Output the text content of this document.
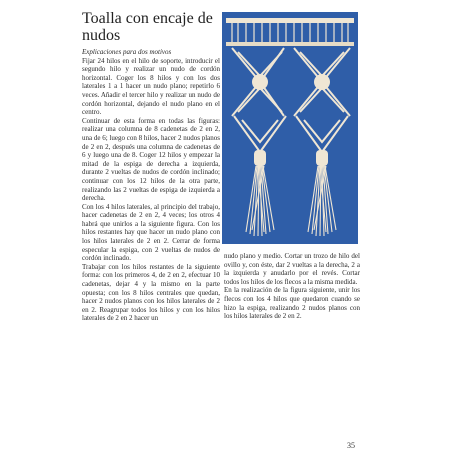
Toalla con encaje de nudos

Explicaciones para dos motivos

Fijar 24 hilos en el hilo de soporte, introducir el segundo hilo y realizar un nudo de cordón horizontal. Coger los 8 hilos y con los dos laterales 1 a 1 hacer un nudo plano; repetirlo 6 veces. Añadir el tercer hilo y realizar un nudo de cordón horizontal, dejando el nudo plano en el centro.

Continuar de esta forma en todas las figuras: realizar una columna de 8 cadenetas de 2 en 2, una de 6; luego con 8 hilos, hacer 2 nudos planos de 2 en 2, después una columna de cadenetas de 6 y luego una de 8. Coger 12 hilos y empezar la mitad de la espiga de derecha a izquierda, durante 2 vueltas de nudos de cordón inclinado; continuar con los 12 hilos de la otra parte, realizando las 2 vueltas de espiga de izquierda a derecha.

Con los 4 hilos laterales, al principio del trabajo, hacer cadenetas de 2 en 2, 4 veces; los otros 4 habrá que unirlos a la siguiente figura. Con los hilos restantes hay que hacer un nudo plano con los hilos laterales de 2 en 2. Cerrar de forma especular la espiga, con 2 vueltas de nudos de cordón inclinado.

Trabajar con los hilos restantes de la siguiente forma: con los primeros 4, de 2 en 2, efectuar 10 cadenetas, dejar 4 y la mismo en la parte opuesta; con los 8 hilos centrales que quedan, hacer 2 nudos planos con los hilos laterales de 2 en 2. Reagrupar todos los hilos y con los hilos laterales de 2 en 2 hacer un

nudo plano y medio. Cortar un trozo de hilo del ovillo y, con éste, dar 2 vueltas a la derecha, 2 a la izquierda y anudarlo por el revés. Cortar todos los hilos de los flecos a la misma medida.

En la realización de la figura siguiente, unir los flecos con los 4 hilos que quedaron cuando se hizo la espiga, realizando 2 nudos planos con los hilos laterales de 2 en 2.

35
